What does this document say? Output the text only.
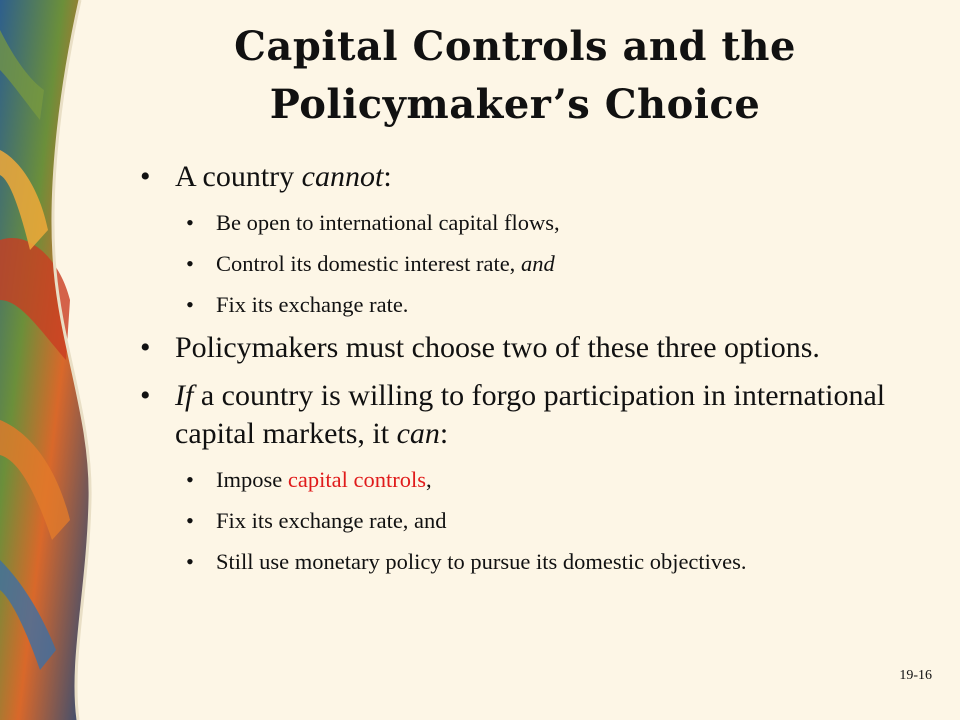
Capital Controls and the
Policymaker’s Choice
• A country cannot:
• Be open to international capital flows,
• Control its domestic interest rate, and
• Fix its exchange rate.
• Policymakers must choose two of these three options.
• If a country is willing to forgo participation in international capital markets, it can:
• Impose capital controls,
• Fix its exchange rate, and
• Still use monetary policy to pursue its domestic objectives.
19-16
